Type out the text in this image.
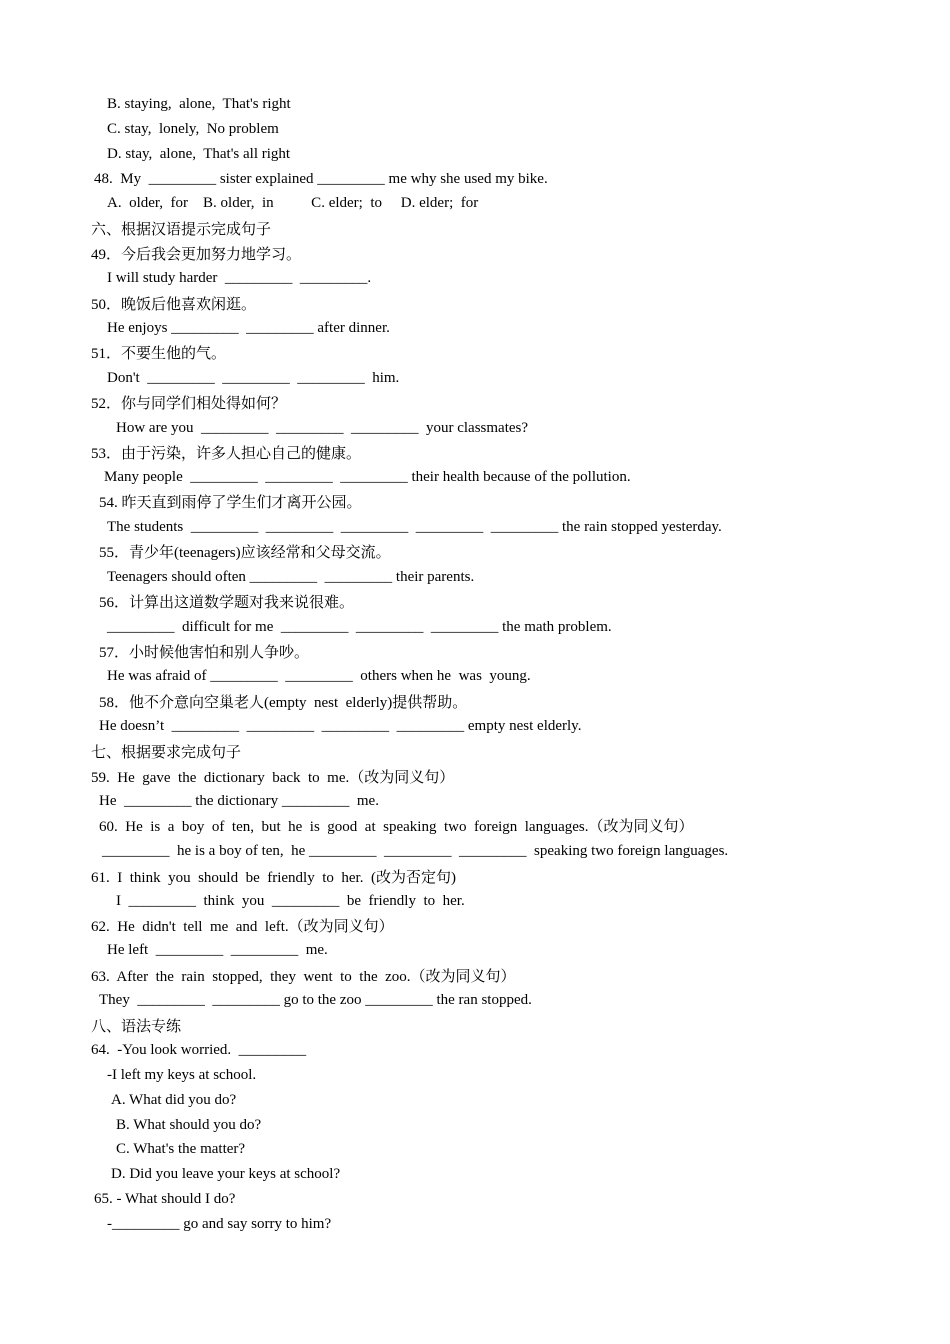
B. staying,  alone,  That's right

C. stay,  lonely,  No problem

D. stay,  alone,  That's all right

48.  My  _________ sister explained _________ me why she used my bike.

A.  older,  for    B. older,  in          C. elder;  to     D. elder;  for

六、根据汉语提示完成句子

49．今后我会更加努力地学习。

I will study harder  _________  _________.

50．晚饭后他喜欢闲逛。

He enjoys _________  _________ after dinner.

51．不要生他的气。

Don't  _________  _________  _________  him.

52．你与同学们相处得如何？

How are you  _________  _________  _________  your classmates?

53．由于污染，许多人担心自己的健康。

Many people  _________  _________  _________ their health because of the pollution.

54. 昨天直到雨停了学生们才离开公园。

The students  _________  _________  _________  _________  _________ the rain stopped yesterday.

55．青少年(teenagers)应该经常和父母交流。

Teenagers should often _________  _________ their parents.

56．计算出这道数学题对我来说很难。

_________  difficult for me  _________  _________  _________ the math problem.

57．小时候他害怕和别人争吵。

He was afraid of _________  _________  others when he  was  young.

58．他不介意向空巢老人(empty  nest  elderly)提供帮助。

He doesn’t  _________  _________  _________  _________ empty nest elderly.

七、根据要求完成句子

59.  He  gave  the  dictionary  back  to  me.（改为同义句）

He  _________ the dictionary _________  me.

60.  He  is  a  boy  of  ten,  but  he  is  good  at  speaking  two  foreign  languages.（改为同义句）

_________  he is a boy of ten,  he _________  _________  _________  speaking two foreign languages.

61.  I  think  you  should  be  friendly  to  her.  (改为否定句)

I  _________  think  you  _________  be  friendly  to  her.

62.  He  didn't  tell  me  and  left.（改为同义句）

He left  _________  _________  me.

63.  After  the  rain  stopped,  they  went  to  the  zoo.（改为同义句）

They  _________  _________ go to the zoo _________ the ran stopped.

八、语法专练

64.  -You look worried.  _________

-I left my keys at school.

A. What did you do?

B. What should you do?

C. What's the matter?

D. Did you leave your keys at school?

65. - What should I do?

-_________ go and say sorry to him?
